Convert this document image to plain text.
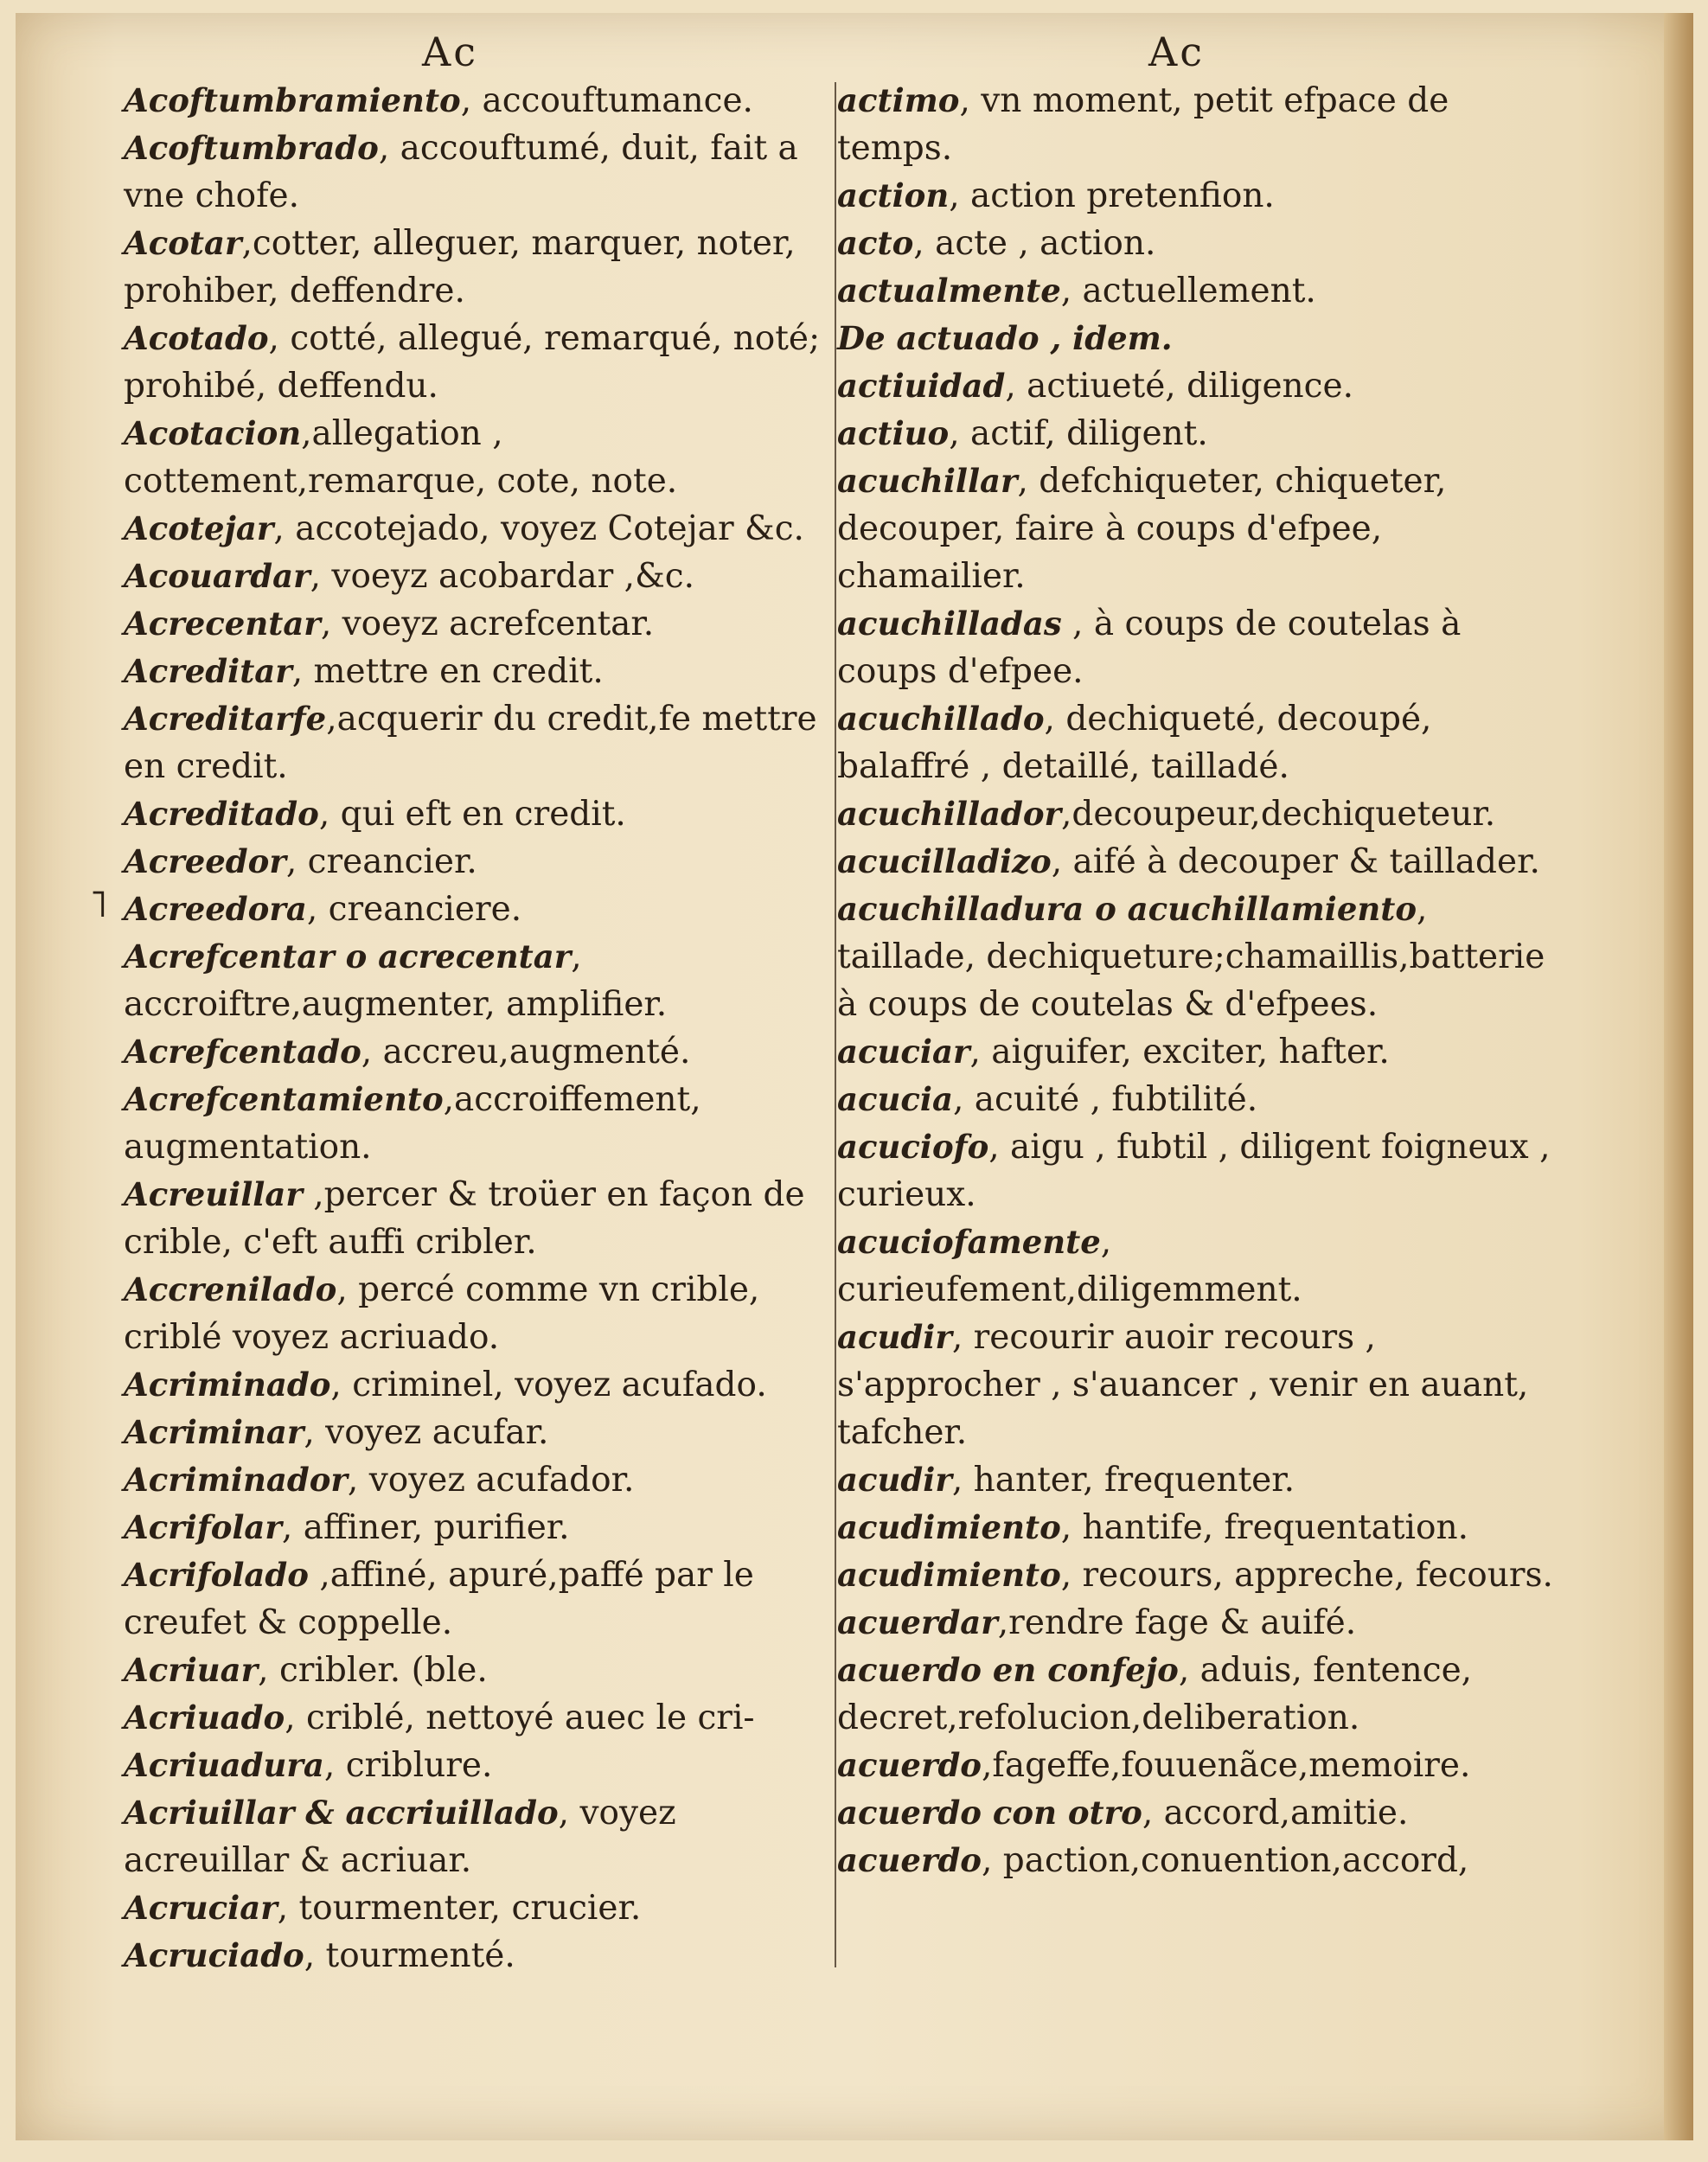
Ac	Ac

Acoftumbramiento, accouftumance.

Acoftumbrado, accouftumé, duit, fait a vne chofe.

Acotar,cotter, alleguer, marquer, noter, prohiber, deffendre.

Acotado, cotté, allegué, remarqué, noté; prohibé, deffendu.

Acotacion,allegation , cottement,remarque, cote, note.

Acotejar, accotejado, voyez Cotejar &c.

Acouardar, voeyz acobardar ,&c.

Acrecentar, voeyz acrefcentar.

Acreditar, mettre en credit.

Acreditarfe,acquerir du credit,fe mettre en credit.

Acreditado, qui eft en credit.

Acreedor, creancier.

Acreedora, creanciere.

Acrefcentar o acrecentar, accroiftre,augmenter, amplifier.

Acrefcentado, accreu,augmenté.

Acrefcentamiento,accroiffement, augmentation.

Acreuillar ,percer & troüer en façon de crible, c'eft auffi cribler.

Accrenilado, percé comme vn crible, criblé voyez acriuado.

Acriminado, criminel, voyez acufado.

Acriminar, voyez acufar.

Acriminador, voyez acufador.

Acrifolar, affiner, purifier.

Acrifolado ,affiné, apuré,paffé par le creufet & coppelle.

Acriuar, cribler. (ble.

Acriuado, criblé, nettoyé auec le cri-

Acriuadura, criblure.

Acriuillar & accriuillado, voyez acreuillar & acriuar.

Acruciar, tourmenter, crucier.

Acruciado, tourmenté.

actimo, vn moment, petit efpace de temps.

action, action pretenfion.

acto, acte , action.

actualmente, actuellement.

De actuado , idem.

actiuidad, actiueté, diligence.

actiuo, actif, diligent.

acuchillar, defchiqueter, chiqueter, decouper, faire à coups d'efpee, chamailier.

acuchilladas , à coups de coutelas à coups d'efpee.

acuchillado, dechiqueté, decoupé, balaffré , detaillé, tailladé.

acuchillador,decoupeur,dechiqueteur.

acucilladizo, aifé à decouper & taillader.

acuchilladura o acuchillamiento, taillade, dechiqueture;chamaillis,batterie à coups de coutelas & d'efpees.

acuciar, aiguifer, exciter, hafter.

acucia, acuité , fubtilité.

acuciofo, aigu , fubtil , diligent foigneux , curieux.

acuciofamente, curieufement,diligemment.

acudir, recourir auoir recours , s'approcher , s'auancer , venir en auant, tafcher.

acudir, hanter, frequenter.

acudimiento, hantife, frequentation.

acudimiento, recours, appreche, fecours.

acuerdar,rendre fage & auifé.

acuerdo en confejo, aduis, fentence, decret,refolucion,deliberation.

acuerdo,fageffe,fouuenãce,memoire.

acuerdo con otro, accord,amitie.

acuerdo, paction,conuention,accord,

˥
